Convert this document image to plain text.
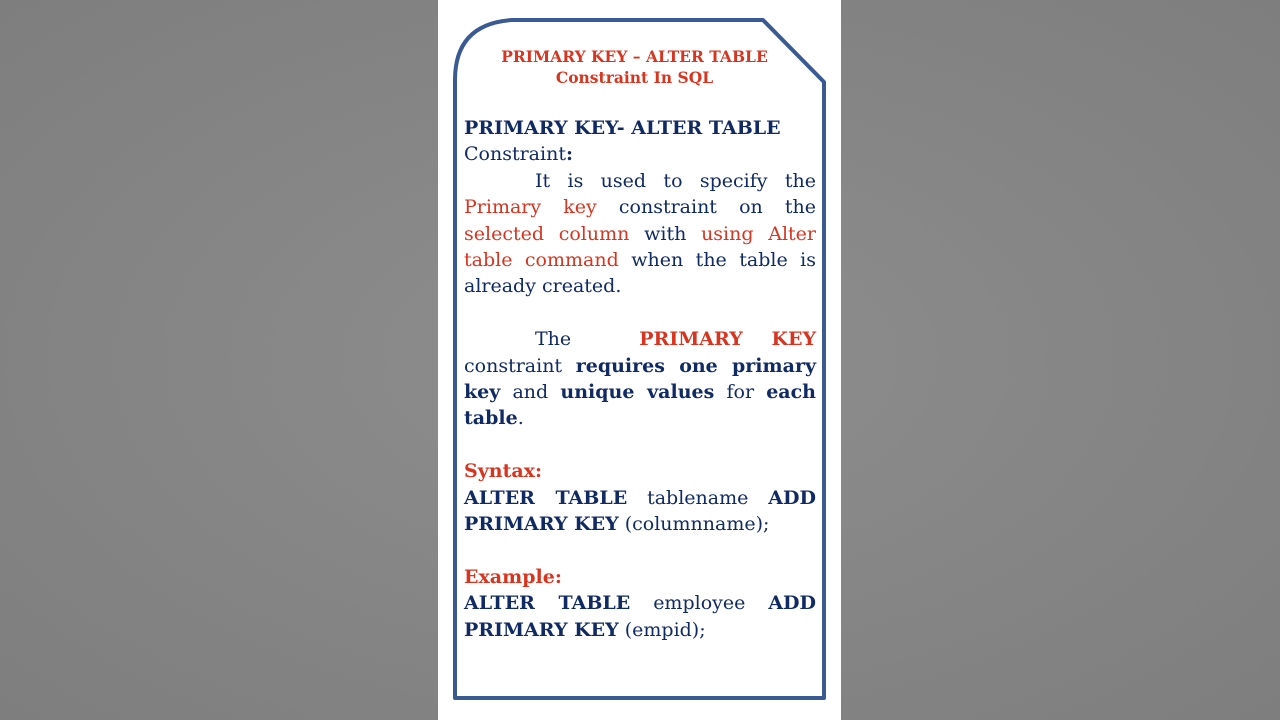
PRIMARY KEY – ALTER TABLE
Constraint In SQL

PRIMARY KEY- ALTER TABLE
Constraint:

It is used to specify the Primary key constraint on the selected column with using Alter table command when the table is already created.

The	PRIMARY KEY constraint requires one primary key and unique values for each table.

Syntax:

ALTER TABLE tablename ADD PRIMARY KEY (columnname);

Example:

ALTER TABLE employee ADD PRIMARY KEY (empid);
